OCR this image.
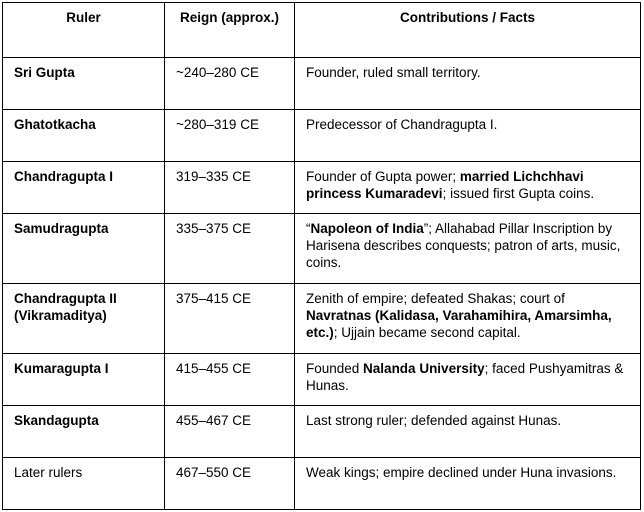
Ruler	Reign (approx.)	Contributions / Facts
Sri Gupta	~240–280 CE	Founder, ruled small territory.
Ghatotkacha	~280–319 CE	Predecessor of Chandragupta I.
Chandragupta I	319–335 CE	Founder of Gupta power; married Lichchhavi princess Kumaradevi; issued first Gupta coins.
Samudragupta	335–375 CE	“Napoleon of India”; Allahabad Pillar Inscription by Harisena describes conquests; patron of arts, music, coins.
Chandragupta II (Vikramaditya)	375–415 CE	Zenith of empire; defeated Shakas; court of Navratnas (Kalidasa, Varahamihira, Amarsimha, etc.); Ujjain became second capital.
Kumaragupta I	415–455 CE	Founded Nalanda University; faced Pushyamitras & Hunas.
Skandagupta	455–467 CE	Last strong ruler; defended against Hunas.
Later rulers	467–550 CE	Weak kings; empire declined under Huna invasions.
